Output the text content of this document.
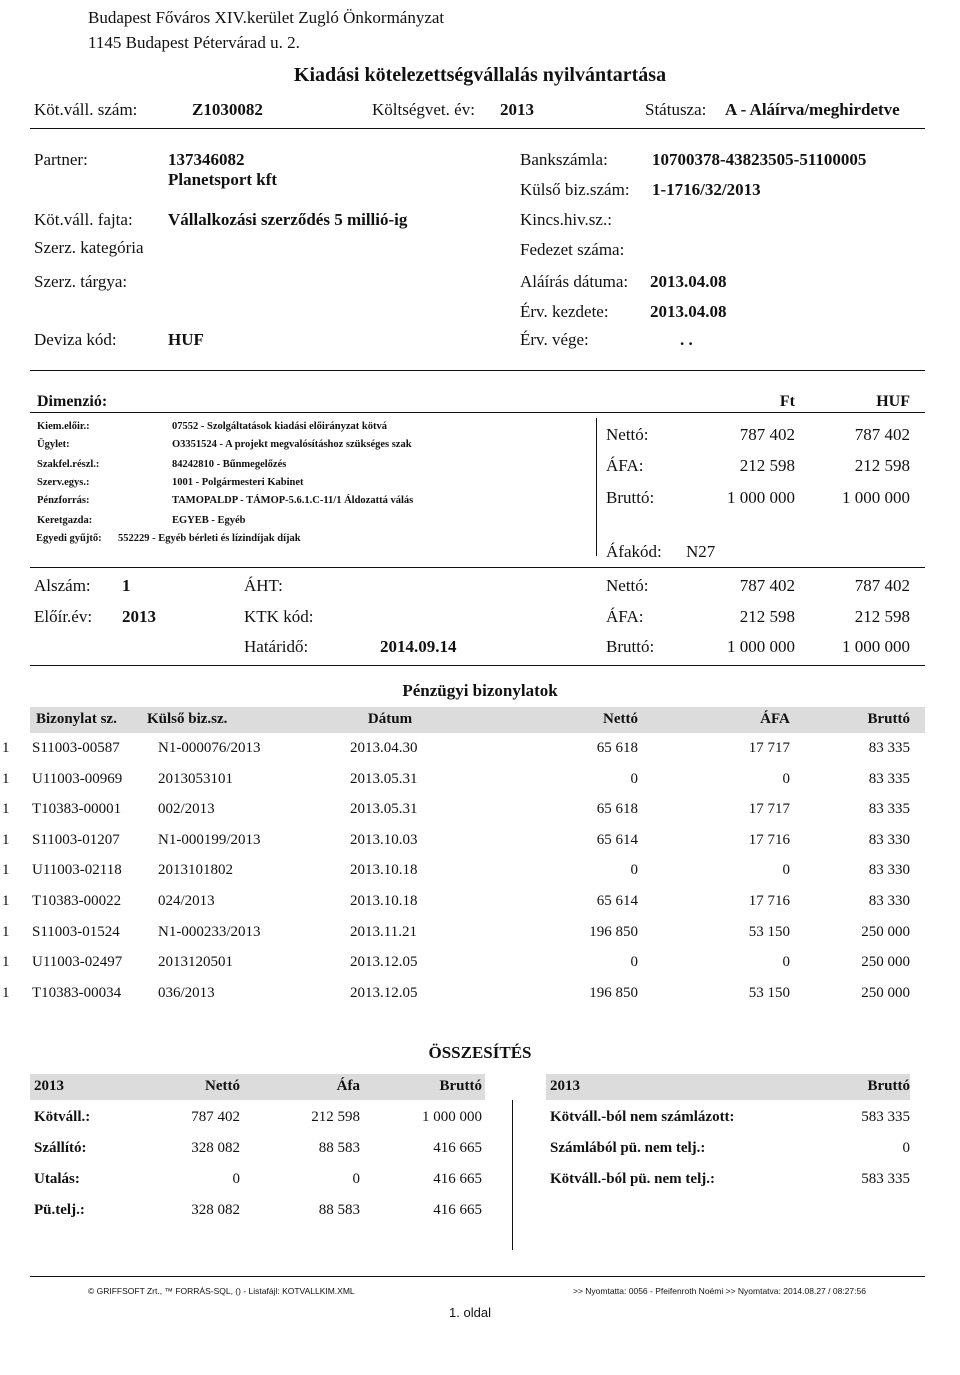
Budapest Főváros XIV.kerület Zugló Önkormányzat
1145 Budapest Pétervárad u. 2.
Kiadási kötelezettségvállalás nyilvántartása
Köt.váll. szám:	Z1030082	Költségvet. év: 2013	Státusza: A - Aláírva/meghirdetve
Partner:	137346082
Planetsport kft
Köt.váll. fajta: Vállalkozási szerződés 5 millió-ig
Szerz. kategória
Szerz. tárgya:
Deviza kód:	HUF
Bankszámla:	10700378-43823505-51100005
Külső biz.szám: 1-1716/32/2013
Kincs.hiv.sz.:
Fedezet száma:
Aláírás dátuma: 2013.04.08
Érv. kezdete: 2013.04.08
Érv. vége:	. .
Dimenzió:	Ft	HUF
Kiem.előir.:	07552 - Szolgáltatások kiadási előirányzat kötvá
Ügylet:	O3351524 - A projekt megvalósításhoz szükséges szak
Szakfel.részl.:	84242810 - Bűnmegelőzés
Szerv.egys.:	1001 - Polgármesteri Kabinet
Pénzforrás:	TAMOPALDP - TÁMOP-5.6.1.C-11/1 Áldozattá válás
Keretgazda:	EGYEB - Egyéb
Egyedi gyűjtő: 552229 - Egyéb bérleti és lízindíjak díjak
Nettó:	787 402	787 402
ÁFA:	212 598	212 598
Bruttó:	1 000 000	1 000 000
Áfakód: N27
Alszám: 1
Előír.év: 2013
ÁHT:
KTK kód:
Határidő:	2014.09.14
Nettó:	787 402	787 402
ÁFA:	212 598	212 598
Bruttó:	1 000 000	1 000 000
Pénzügyi bizonylatok
Bizonylat sz.	Külső biz.sz.	Dátum	Nettó	ÁFA	Bruttó
1	S11003-00587	N1-000076/2013	2013.04.30	65 618	17 717	83 335
1	U11003-00969	2013053101	2013.05.31	0	0	83 335
1	T10383-00001	002/2013	2013.05.31	65 618	17 717	83 335
1	S11003-01207	N1-000199/2013	2013.10.03	65 614	17 716	83 330
1	U11003-02118	2013101802	2013.10.18	0	0	83 330
1	T10383-00022	024/2013	2013.10.18	65 614	17 716	83 330
1	S11003-01524	N1-000233/2013	2013.11.21	196 850	53 150	250 000
1	U11003-02497	2013120501	2013.12.05	0	0	250 000
1	T10383-00034	036/2013	2013.12.05	196 850	53 150	250 000
ÖSSZESÍTÉS
2013	Nettó	Áfa	Bruttó
Kötváll.:	787 402	212 598	1 000 000
Szállító:	328 082	88 583	416 665
Utalás:	0	0	416 665
Pü.telj.:	328 082	88 583	416 665
2013	Bruttó
Kötváll.-ból nem számlázott:	583 335
Számlából pü. nem telj.:	0
Kötváll.-ból pü. nem telj.:	583 335
© GRIFFSOFT Zrt., ™ FORRÁS-SQL, () - Listafájl: KOTVALLKIM.XML	>> Nyomtatta: 0056 - Pfeifenroth Noémi >> Nyomtatva: 2014.08.27 / 08:27:56
1. oldal
